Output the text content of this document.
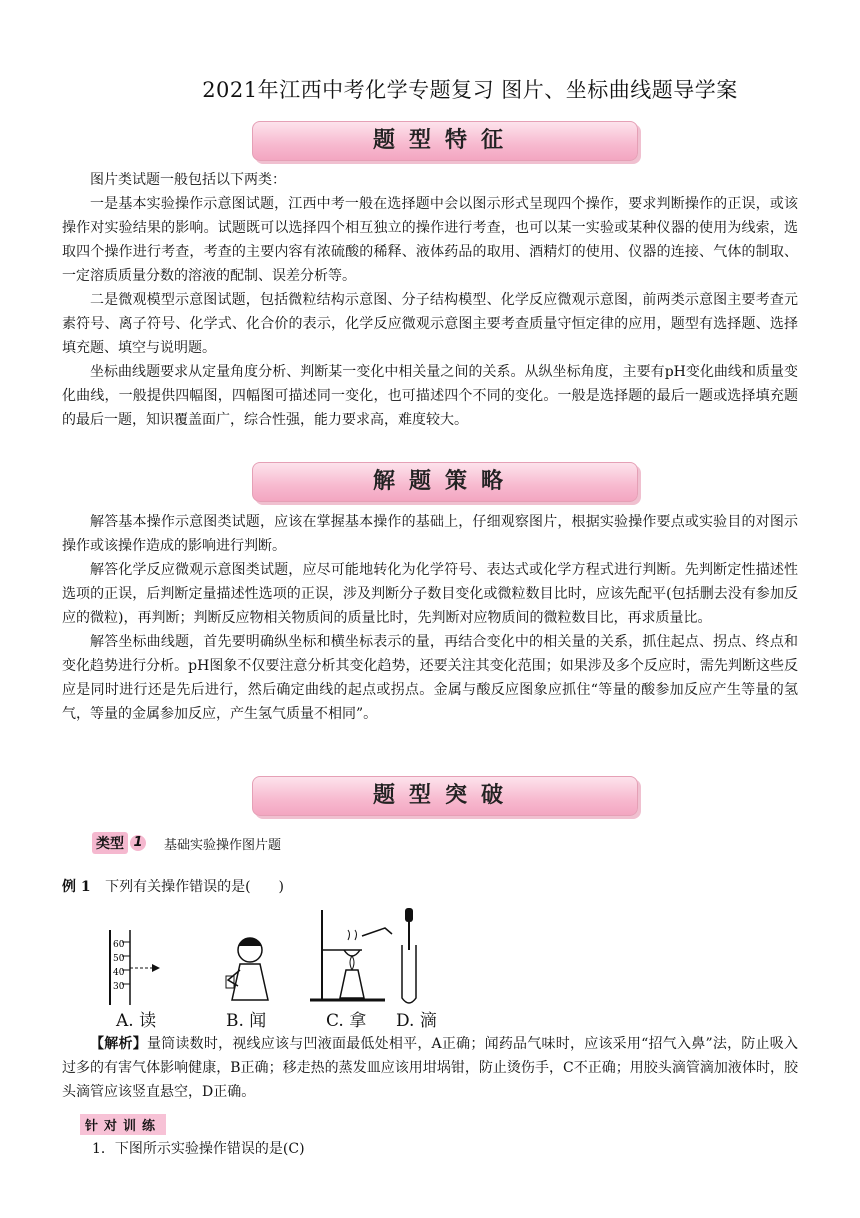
2021年江西中考化学专题复习 图片、坐标曲线题导学案
题型特征

图片类试题一般包括以下两类：

一是基本实验操作示意图试题，江西中考一般在选择题中会以图示形式呈现四个操作，要求判断操作的正误，或该操作对实验结果的影响。试题既可以选择四个相互独立的操作进行考查，也可以某一实验或某种仪器的使用为线索，选取四个操作进行考查，考查的主要内容有浓硫酸的稀释、液体药品的取用、酒精灯的使用、仪器的连接、气体的制取、一定溶质质量分数的溶液的配制、误差分析等。

二是微观模型示意图试题，包括微粒结构示意图、分子结构模型、化学反应微观示意图，前两类示意图主要考查元素符号、离子符号、化学式、化合价的表示，化学反应微观示意图主要考查质量守恒定律的应用，题型有选择题、选择填充题、填空与说明题。

坐标曲线题要求从定量角度分析、判断某一变化中相关量之间的关系。从纵坐标角度，主要有pH变化曲线和质量变化曲线，一般提供四幅图，四幅图可描述同一变化，也可描述四个不同的变化。一般是选择题的最后一题或选择填充题的最后一题，知识覆盖面广，综合性强，能力要求高，难度较大。

解题策略

解答基本操作示意图类试题，应该在掌握基本操作的基础上，仔细观察图片，根据实验操作要点或实验目的对图示操作或该操作造成的影响进行判断。

解答化学反应微观示意图类试题，应尽可能地转化为化学符号、表达式或化学方程式进行判断。先判断定性描述性选项的正误，后判断定量描述性选项的正误，涉及判断分子数目变化或微粒数目比时，应该先配平(包括删去没有参加反应的微粒)，再判断；判断反应物相关物质间的质量比时，先判断对应物质间的微粒数目比，再求质量比。

解答坐标曲线题，首先要明确纵坐标和横坐标表示的量，再结合变化中的相关量的关系，抓住起点、拐点、终点和变化趋势进行分析。pH图象不仅要注意分析其变化趋势，还要关注其变化范围；如果涉及多个反应时，需先判断这些反应是同时进行还是先后进行，然后确定曲线的起点或拐点。金属与酸反应图象应抓住“等量的酸参加反应产生等量的氢气，等量的金属参加反应，产生氢气质量不相同”。

题型突破
类型 1 基础实验操作图片题
例 1 下列有关操作错误的是(　　)
60
50
40
30
A. 读	B. 闻	C. 拿 D. 滴

【解析】量筒读数时，视线应该与凹液面最低处相平，A正确；闻药品气味时，应该采用“招气入鼻”法，防止吸入过多的有害气体影响健康，B正确；移走热的蒸发皿应该用坩埚钳，防止烫伤手，C不正确；用胶头滴管滴加液体时，胶头滴管应该竖直悬空，D正确。

针对训练
1．下图所示实验操作错误的是(C)
